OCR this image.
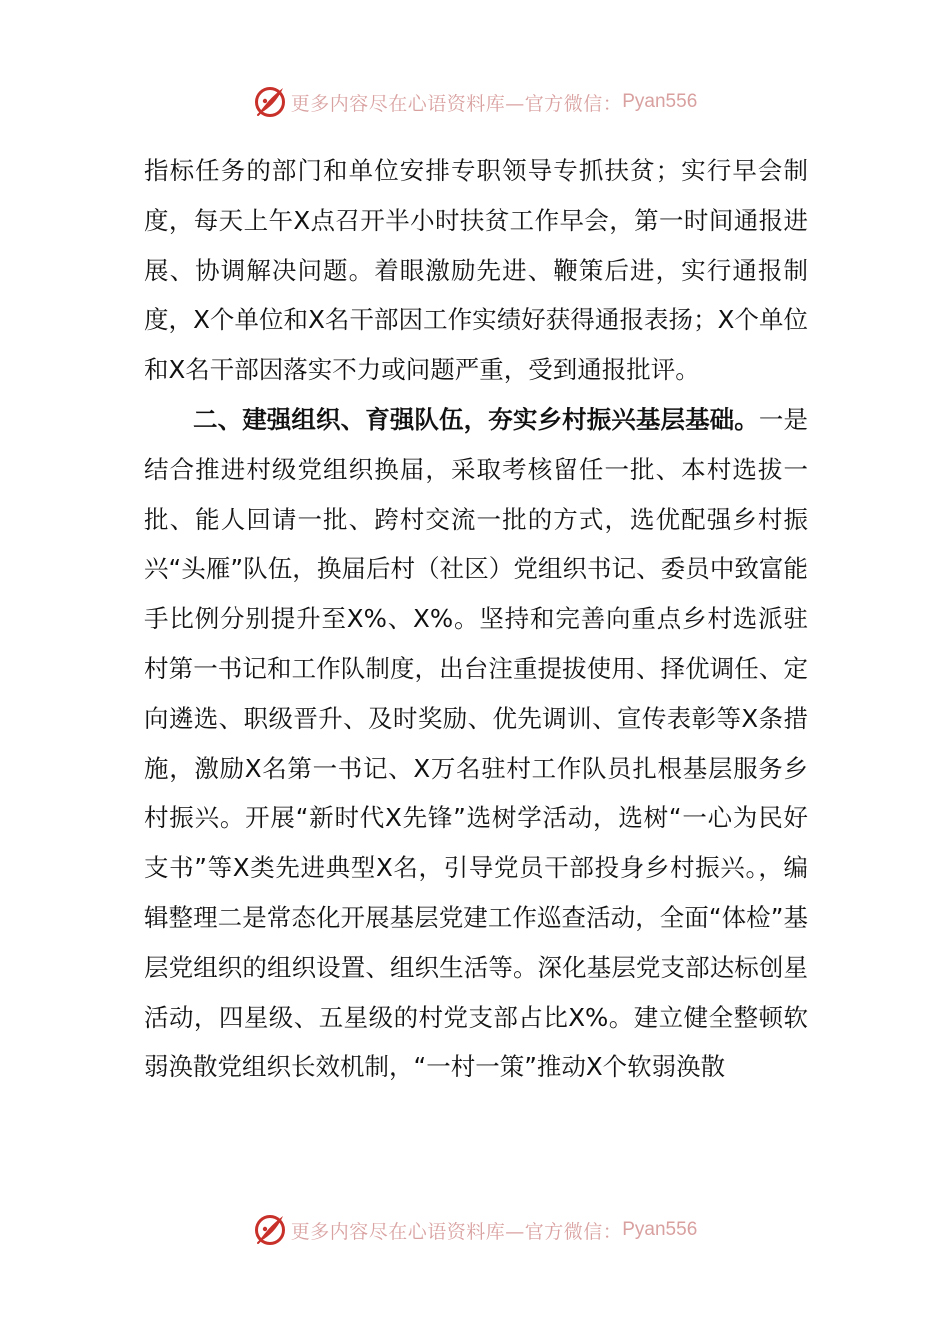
更多内容尽在心语资料库—官方微信： Pyan556

指标任务的部门和单位安排专职领导专抓扶贫；实行早会制度，每天上午X点召开半小时扶贫工作早会，第一时间通报进展、协调解决问题。着眼激励先进、鞭策后进，实行通报制度，X个单位和X名干部因工作实绩好获得通报表扬；X个单位和X名干部因落实不力或问题严重，受到通报批评。

二、建强组织、育强队伍，夯实乡村振兴基层基础。一是结合推进村级党组织换届，采取考核留任一批、本村选拔一批、能人回请一批、跨村交流一批的方式，选优配强乡村振兴“头雁”队伍，换届后村（社区）党组织书记、委员中致富能手比例分别提升至X%、X%。坚持和完善向重点乡村选派驻村第一书记和工作队制度，出台注重提拔使用、择优调任、定向遴选、职级晋升、及时奖励、优先调训、宣传表彰等X条措施，激励X名第一书记、X万名驻村工作队员扎根基层服务乡村振兴。开展“新时代X先锋”选树学活动，选树“一心为民好支书”等X类先进典型X名，引导党员干部投身乡村振兴。，编辑整理二是常态化开展基层党建工作巡查活动，全面“体检”基层党组织的组织设置、组织生活等。深化基层党支部达标创星活动，四星级、五星级的村党支部占比X%。建立健全整顿软弱涣散党组织长效机制，“一村一策”推动X个软弱涣散

更多内容尽在心语资料库—官方微信： Pyan556
